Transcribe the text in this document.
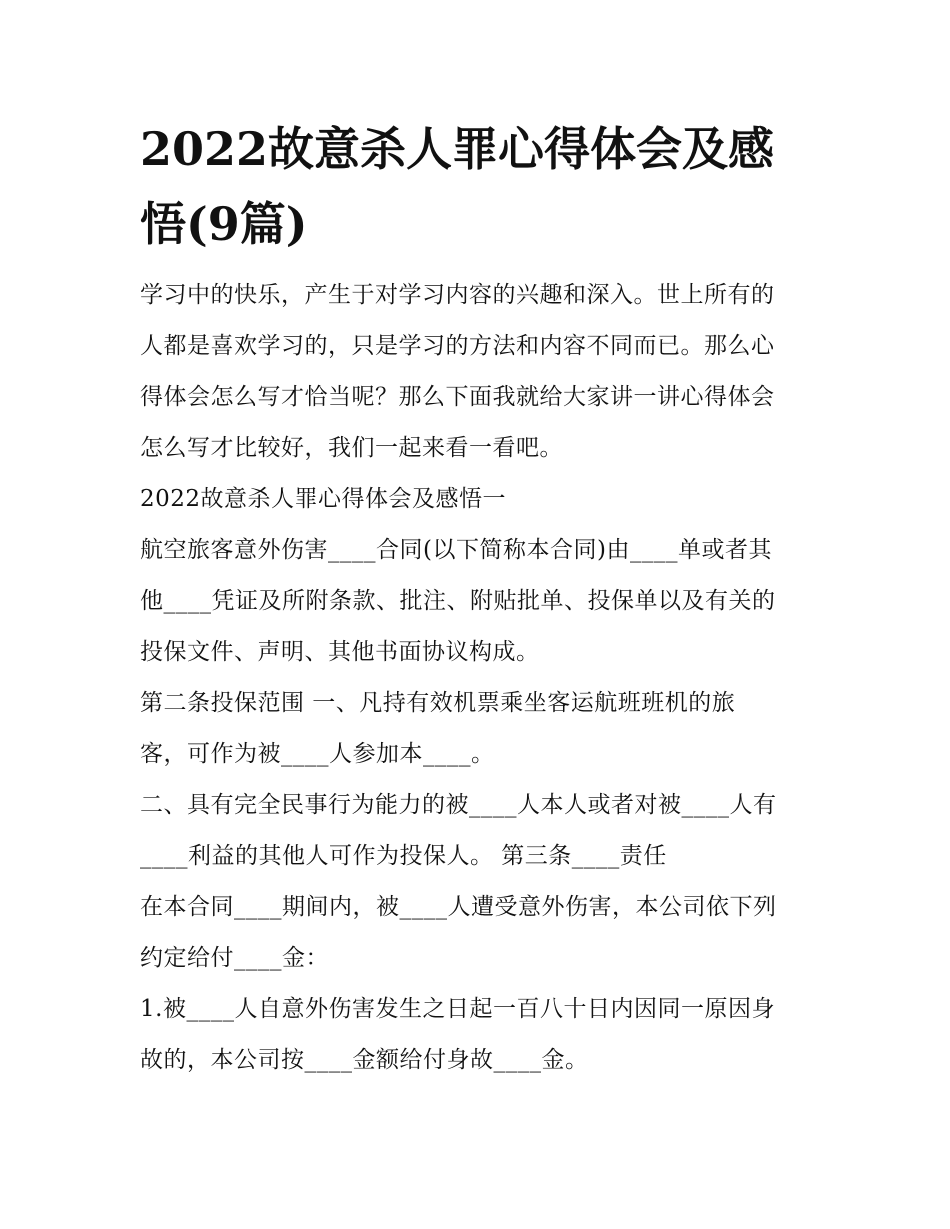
2022故意杀人罪心得体会及感
悟(9篇)
学习中的快乐，产生于对学习内容的兴趣和深入。世上所有的
人都是喜欢学习的，只是学习的方法和内容不同而已。那么心
得体会怎么写才恰当呢？那么下面我就给大家讲一讲心得体会
怎么写才比较好，我们一起来看一看吧。
2022故意杀人罪心得体会及感悟一
航空旅客意外伤害____合同(以下简称本合同)由____单或者其
他____凭证及所附条款、批注、附贴批单、投保单以及有关的
投保文件、声明、其他书面协议构成。
第二条投保范围 一、凡持有效机票乘坐客运航班班机的旅
客，可作为被____人参加本____。
二、具有完全民事行为能力的被____人本人或者对被____人有
____利益的其他人可作为投保人。 第三条____责任
在本合同____期间内，被____人遭受意外伤害，本公司依下列
约定给付____金：
1.被____人自意外伤害发生之日起一百八十日内因同一原因身
故的，本公司按____金额给付身故____金。
